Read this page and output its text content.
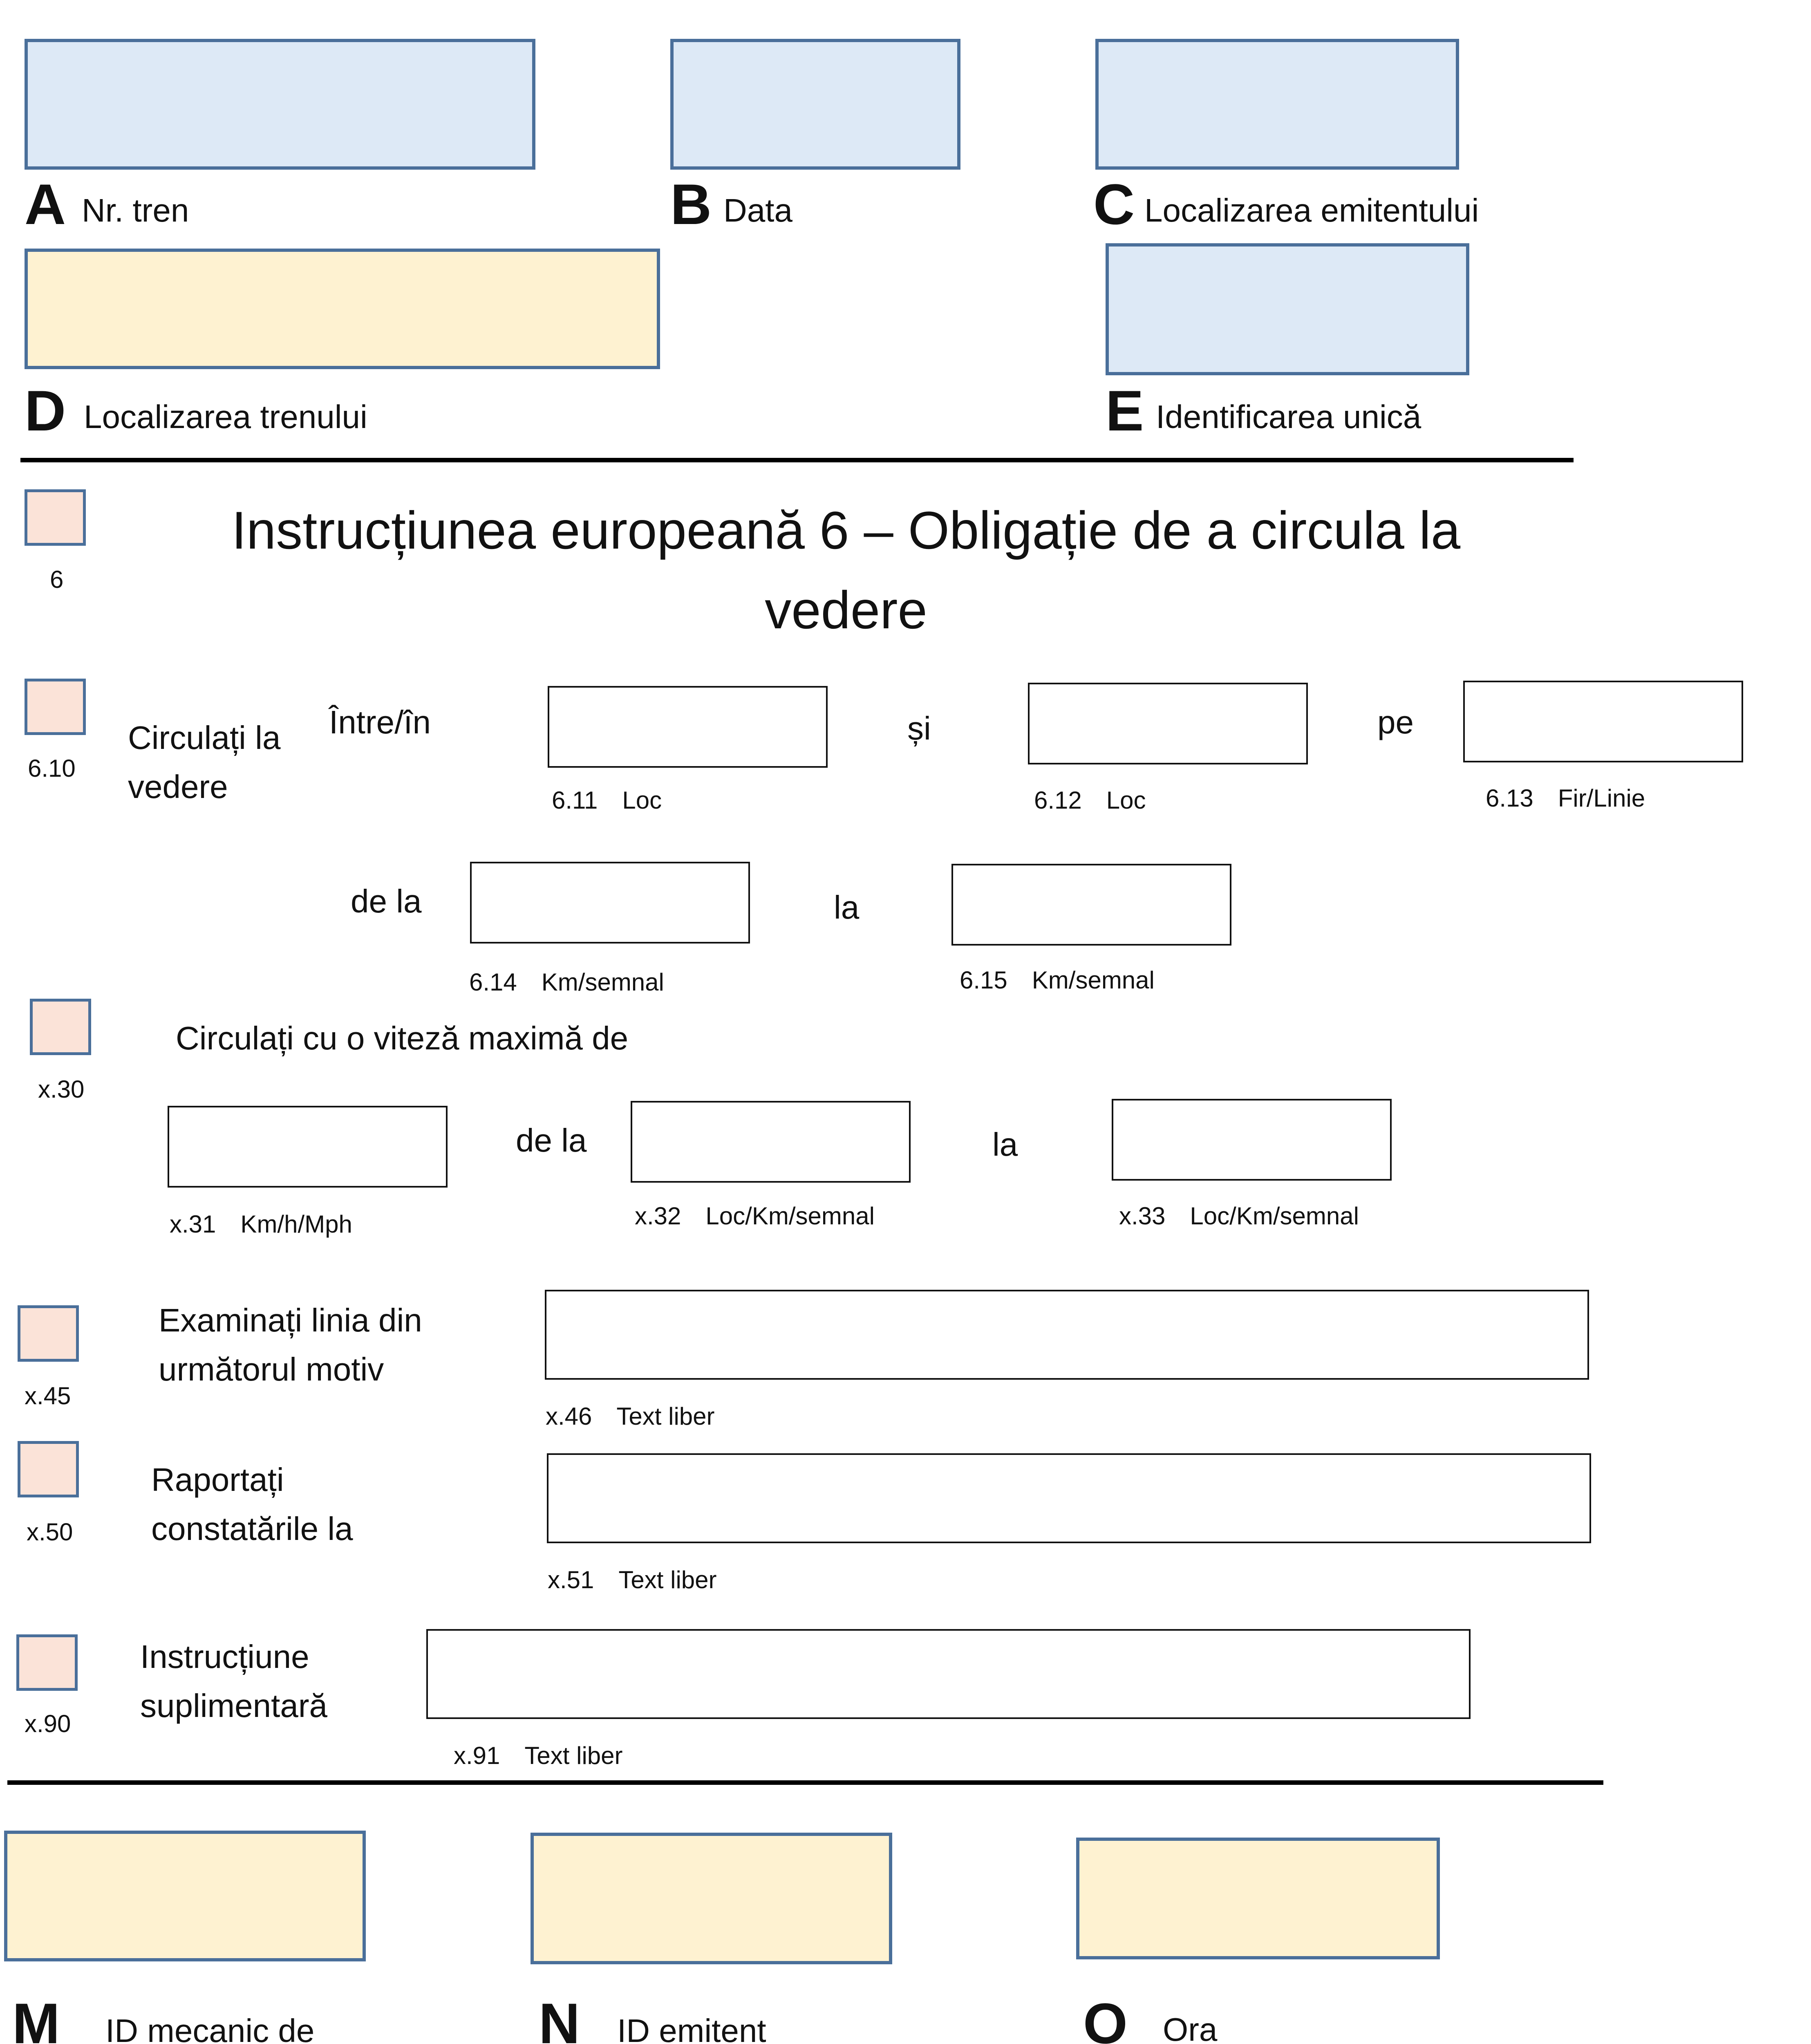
A Nr. tren	B Data	C Localizarea emitentului
D Localizarea trenului	E Identificarea unică
6
Instrucțiunea europeană 6 – Obligație de a circula la
vedere
6.10
Circulați la
vedere
Între/în
6.11 Loc
și
6.12 Loc
pe
6.13 Fir/Linie
de la
6.14 Km/semnal
la
6.15 Km/semnal
x.30
Circulați cu o viteză maximă de
x.31 Km/h/Mph
de la
x.32 Loc/Km/semnal
la
x.33 Loc/Km/semnal
x.45
Examinați linia din
următorul motiv
x.46 Text liber
x.50
Raportați
constatările la
x.51 Text liber
x.90
Instrucțiune
suplimentară
x.91 Text liber
M ID mecanic de	N ID emitent	O Ora
